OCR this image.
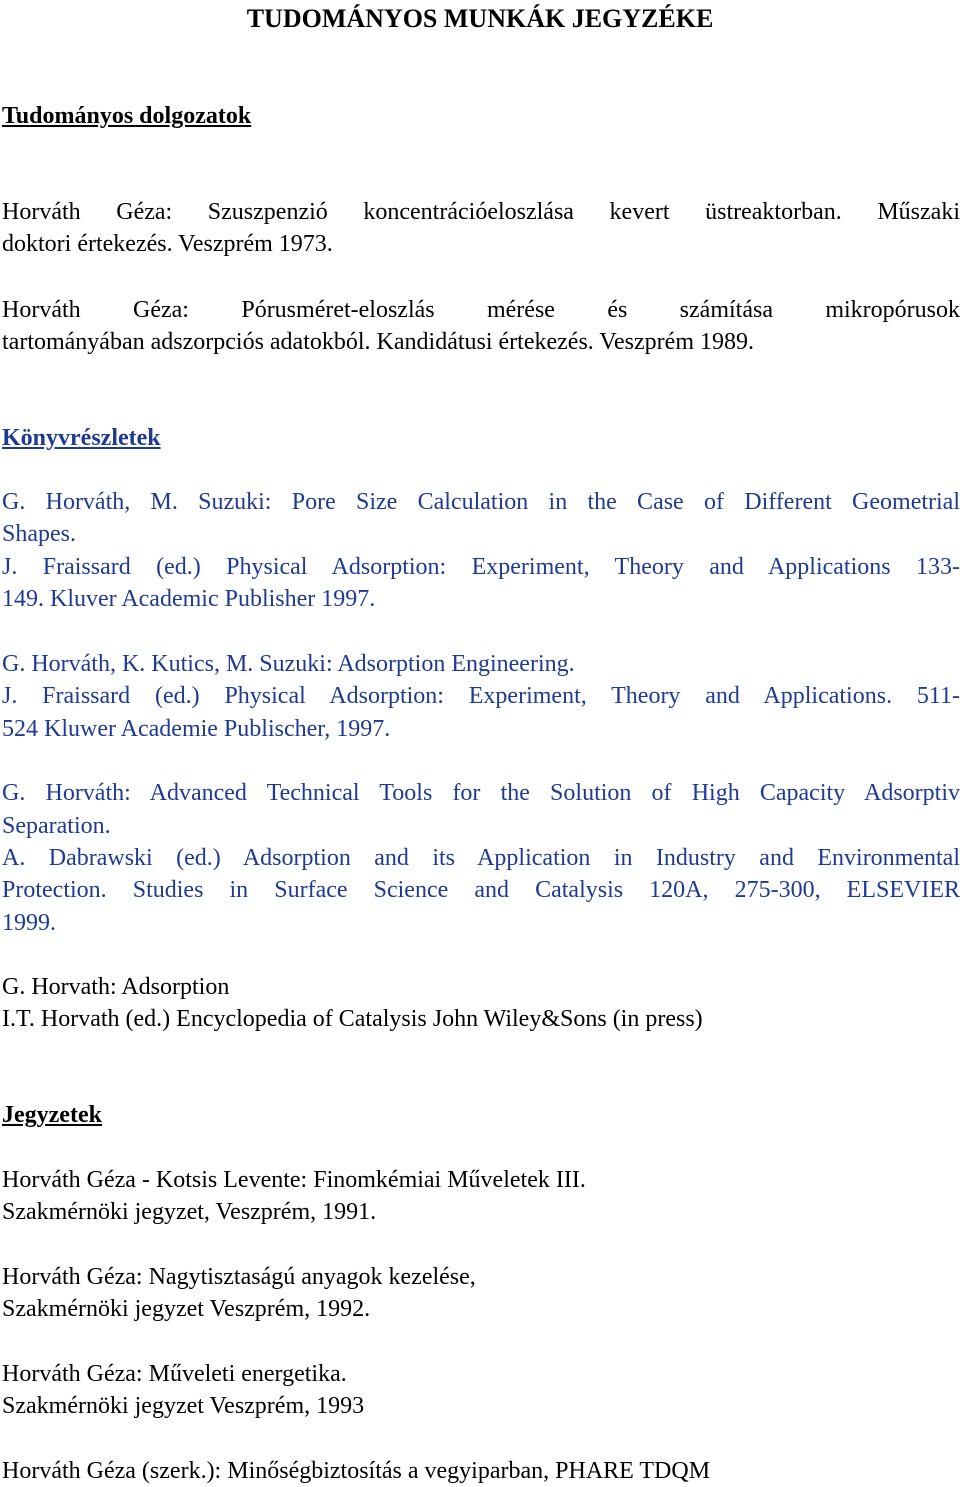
TUDOMÁNYOS MUNKÁK JEGYZÉKE
Tudományos dolgozatok

Horváth Géza: Szuszpenzió koncentrációeloszlása kevert üstreaktorban. Műszaki

doktori értekezés. Veszprém 1973.

Horváth Géza: Pórusméret-eloszlás mérése és számítása mikropórusok

tartományában adszorpciós adatokból. Kandidátusi értekezés. Veszprém 1989.

Könyvrészletek

G. Horváth, M. Suzuki: Pore Size Calculation in the Case of Different Geometrial

Shapes.

J. Fraissard (ed.) Physical Adsorption: Experiment, Theory and Applications 133-

149. Kluver Academic Publisher 1997.

G. Horváth, K. Kutics, M. Suzuki: Adsorption Engineering.

J. Fraissard (ed.) Physical Adsorption: Experiment, Theory and Applications. 511-

524 Kluwer Academie Publischer, 1997.

G. Horváth: Advanced Technical Tools for the Solution of High Capacity Adsorptiv

Separation.

A. Dabrawski (ed.) Adsorption and its Application in Industry and Environmental

Protection. Studies in Surface Science and Catalysis 120A, 275-300, ELSEVIER

1999.

G. Horvath: Adsorption

I.T. Horvath (ed.) Encyclopedia of Catalysis John Wiley&Sons (in press)

Jegyzetek

Horváth Géza - Kotsis Levente: Finomkémiai Műveletek III.

Szakmérnöki jegyzet, Veszprém, 1991.

Horváth Géza: Nagytisztaságú anyagok kezelése,

Szakmérnöki jegyzet Veszprém, 1992.

Horváth Géza: Műveleti energetika.

Szakmérnöki jegyzet Veszprém, 1993

Horváth Géza (szerk.): Minőségbiztosítás a vegyiparban, PHARE TDQM
